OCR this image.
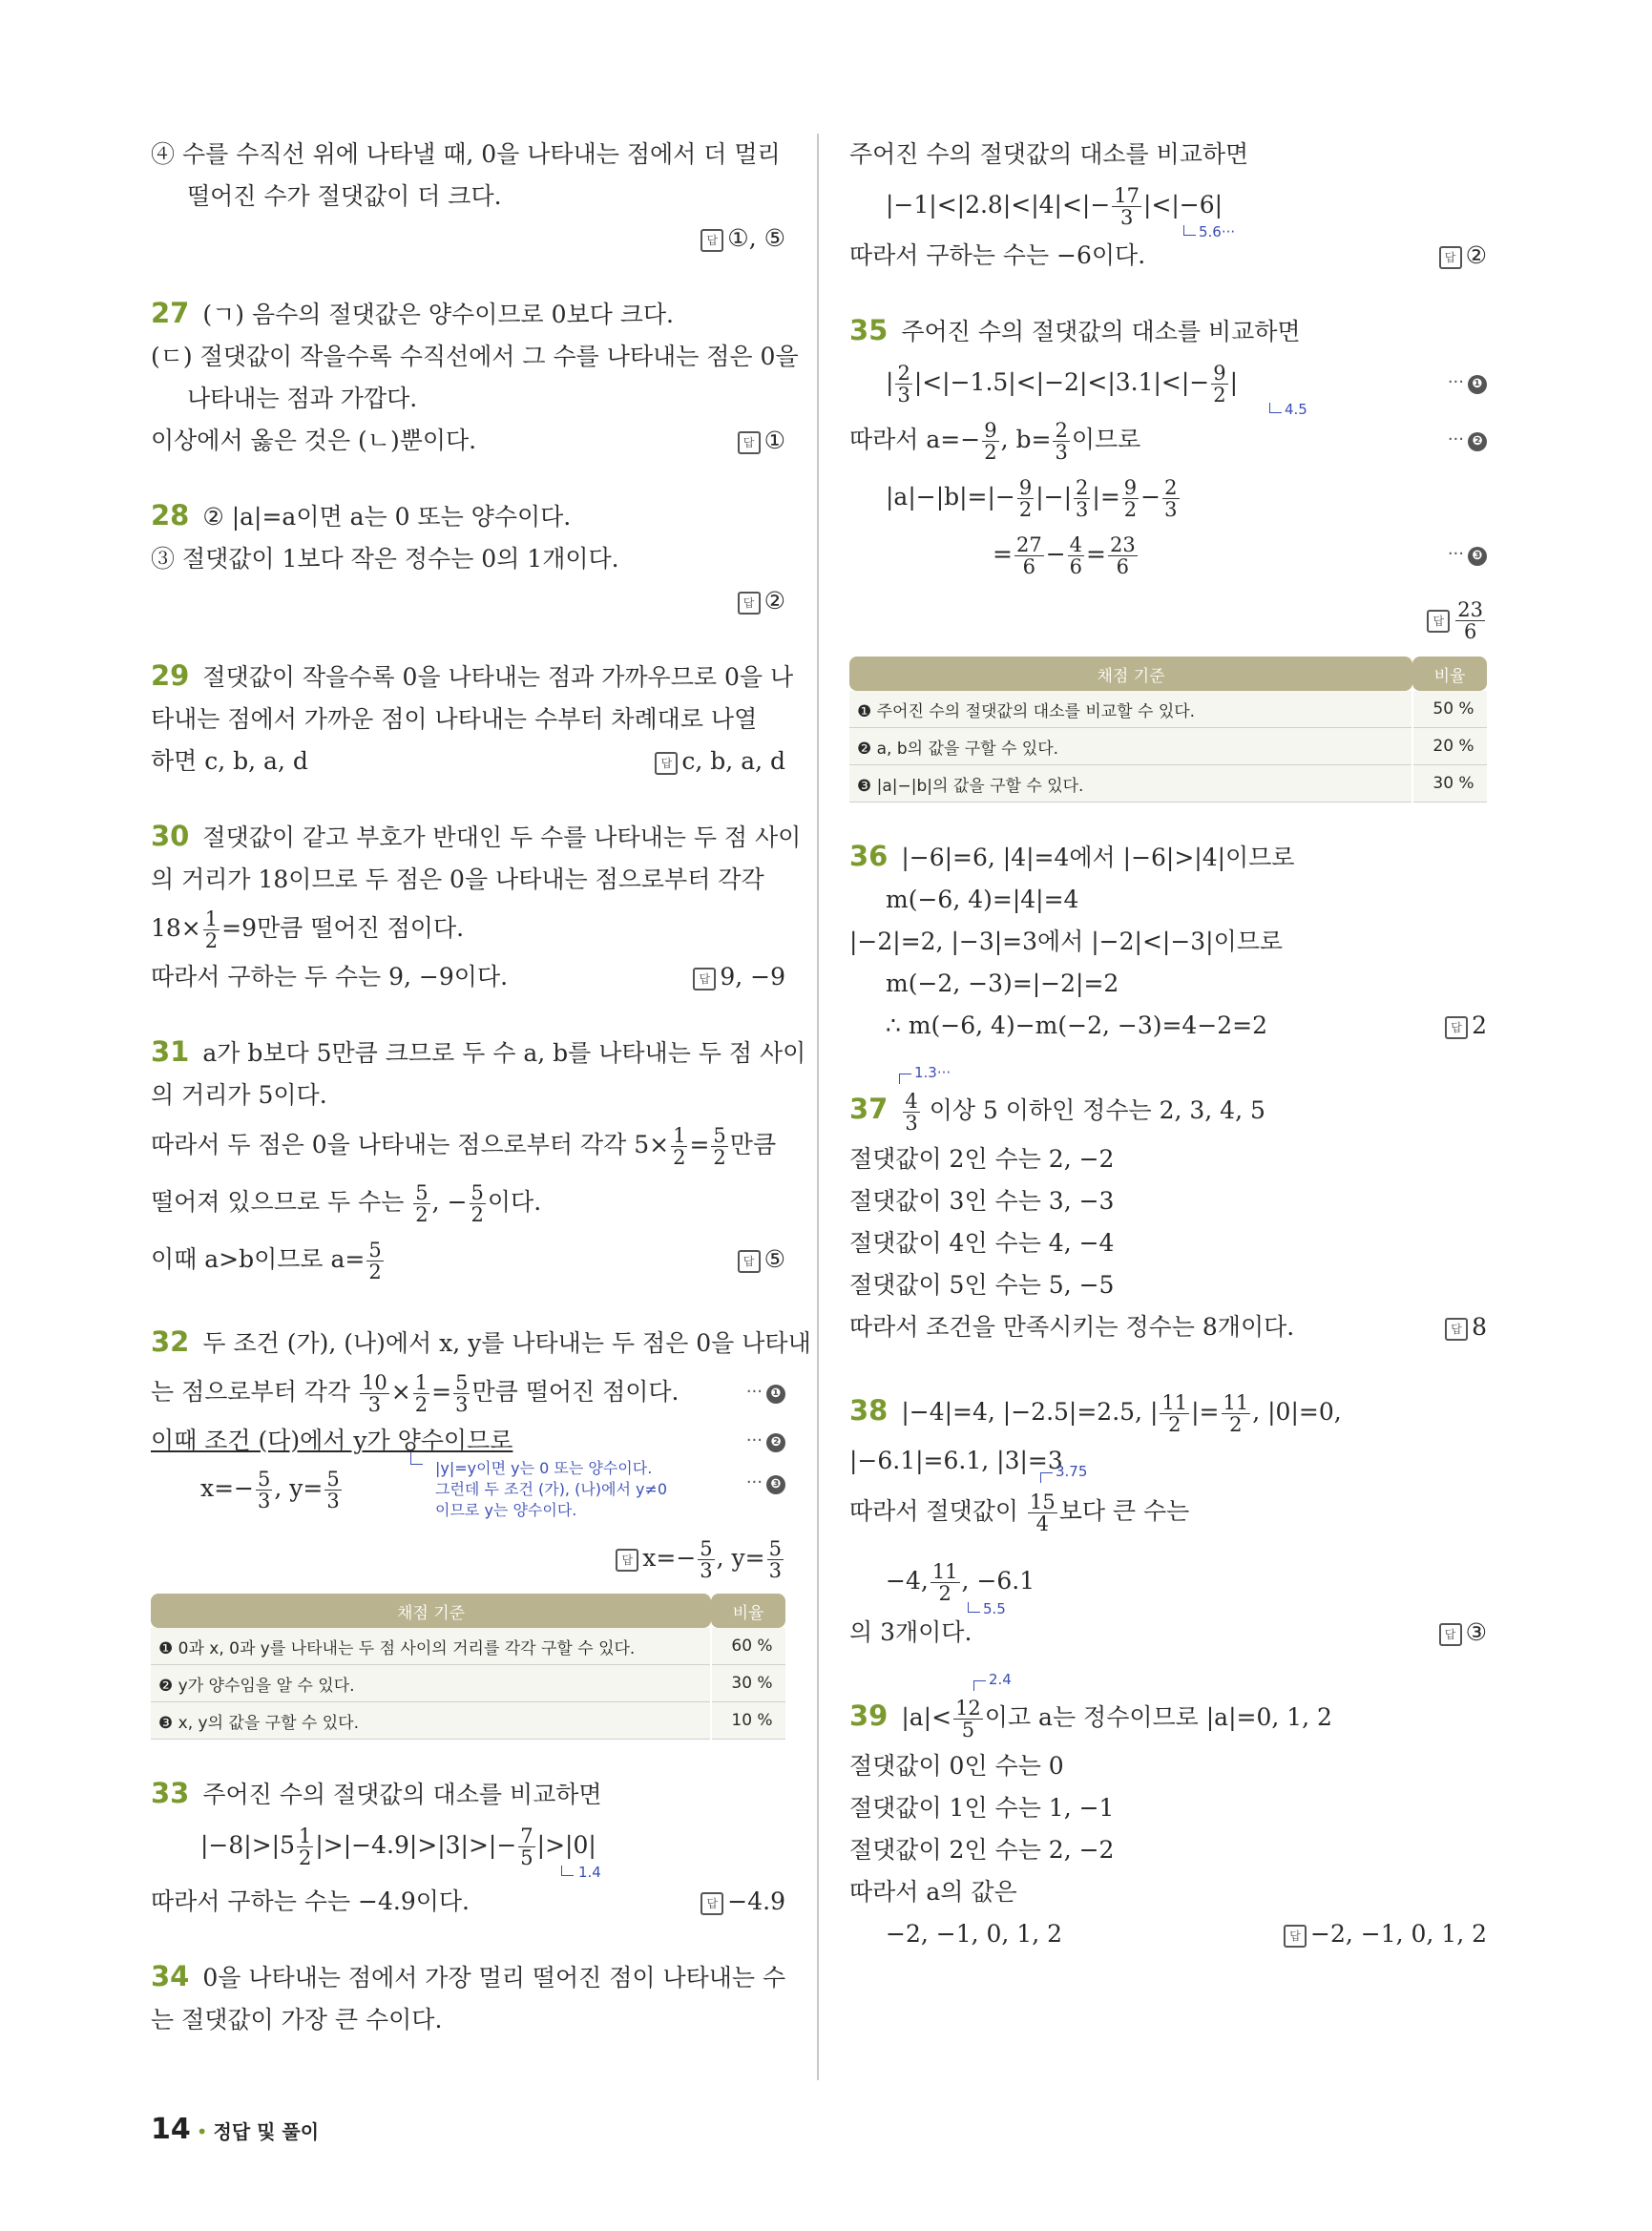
④ 수를 수직선 위에 나타낼 때, 0을 나타내는 점에서 더 멀리
떨어진 수가 절댓값이 더 크다.
답①, ⑤
27 (ㄱ) 음수의 절댓값은 양수이므로 0보다 크다.
(ㄷ) 절댓값이 작을수록 수직선에서 그 수를 나타내는 점은 0을
나타내는 점과 가깝다.
이상에서 옳은 것은 (ㄴ)뿐이다. 답	①
28 ② |a|=a이면 a는 0 또는 양수이다.
③ 절댓값이 1보다 작은 정수는 0의 1개이다.
답②
29 절댓값이 작을수록 0을 나타내는 점과 가까우므로 0을 나
타내는 점에서 가까운 점이 나타내는 수부터 차례대로 나열
하면 c, b, a, d 답	c, b, a, d
30 절댓값이 같고 부호가 반대인 두 수를 나타내는 두 점 사이
의 거리가 18이므로 두 점은 0을 나타내는 점으로부터 각각
$18\times \frac{1}{2} =9$만큼 떨어진 점이다.
따라서 구하는 두 수는 9, −9이다. 답	9, −9
31 a가 b보다 5만큼 크므로 두 수 a, b를 나타내는 두 점 사이
의 거리가 5이다.
따라서 두 점은 0을 나타내는 점으로부터 각각 $5\times \frac{1}{2} = \frac{5}{2}$ 만큼
떨어져 있으므로 두 수는 $\frac{5}{2}$ , − $\frac{5}{2}$ 이다.
이때 a>b이므로 $a= \frac{5}{2}$ 답	⑤
32 두 조건 (가), (나)에서 x, y를 나타내는 두 점은 0을 나타내
는 점으로부터 각각 $\frac{10}{3} \times \frac{1}{2} = \frac{5}{3}$ 만큼 떨어진 점이다.	··· ❶
이때 조건 (다)에서 y가 양수이므로	··· ❷
$x=- \frac{5}{3}$ , $y= \frac{5}{3}$
|y|=y이면 y는 0 또는 양수이다.
그런데 두 조건 (가), (나)에서 y≠0
이므로 y는 양수이다.
··· ❸
답$x=- \frac{5}{3}$ , $y= \frac{5}{3}$
채점 기준	비율
❶ 0과 x, 0과 y를 나타내는 두 점 사이의 거리를 각각 구할 수 있다.	60 %
❷ y가 양수임을 알 수 있다.	30 %
❸ x, y의 값을 구할 수 있다.	10 %
33 주어진 수의 절댓값의 대소를 비교하면
$|-8|>|5 \frac{1}{2} |>|-4.9|>|3|>|- \frac{7}{5} |>|0|$
1.4
따라서 구하는 수는 −4.9이다. 답	−4.9
34 0을 나타내는 점에서 가장 멀리 떨어진 점이 나타내는 수
는 절댓값이 가장 큰 수이다.
주어진 수의 절댓값의 대소를 비교하면
$|-1|<|2.8|<|4|<|- \frac{17}{3} |<|-6|$
5.6···
따라서 구하는 수는 −6이다. 답	②
35 주어진 수의 절댓값의 대소를 비교하면
| $\frac{2}{3} |<|-1.5|<|-2|<|3.1|<|- \frac{9}{2}$ |
4.5
··· ❶
따라서 $a=- \frac{9}{2}$ , $b= \frac{2}{3}$ 이므로	··· ❷
$|a|-|b|=|- \frac{9}{2}$ |−| $\frac{2}{3}$ |= $\frac{9}{2} - \frac{2}{3}$
= $\frac{27}{6} - \frac{4}{6} = \frac{23}{6}$	··· ❸
답
$\frac{23}{6}$
채점 기준	비율
❶ 주어진 수의 절댓값의 대소를 비교할 수 있다.	50 %
❷ a, b의 값을 구할 수 있다.	20 %
❸ |a|−|b|의 값을 구할 수 있다.	30 %
36 |−6|=6, |4|=4에서 |−6|>|4|이므로
m(−6, 4)=|4|=4
|−2|=2, |−3|=3에서 |−2|<|−3|이므로
m(−2, −3)=|−2|=2
∴ m(−6, 4)−m(−2, −3)=4−2=2 답	2
$37 \frac{4}{3}$ 이상 5 이하인 정수는 2, 3, 4, 5
1.3···
절댓값이 2인 수는 2, −2
절댓값이 3인 수는 3, −3
절댓값이 4인 수는 4, −4
절댓값이 5인 수는 5, −5
따라서 조건을 만족시키는 정수는 8개이다. 답	8
38 |−4|=4, |−2.5|=2.5, | $\frac{11}{2}$ |= $\frac{11}{2}$ , |0|=0,
|−6.1|=6.1, |3|=3
3.75
따라서 절댓값이 $\frac{15}{4}$ 보다 큰 수는
−4, $\frac{11}{2}$ , −6.1
5.5
의 3개이다. 답	③
39 $|a|< \frac{12}{5}$ 이고 a는 정수이므로 |a|=0, 1, 2
2.4
절댓값이 0인 수는 0
절댓값이 1인 수는 1, −1
절댓값이 2인 수는 2, −2
따라서 a의 값은
−2, −1, 0, 1, 2 답	−2, −1, 0, 1, 2
14 • 정답 및 풀이
